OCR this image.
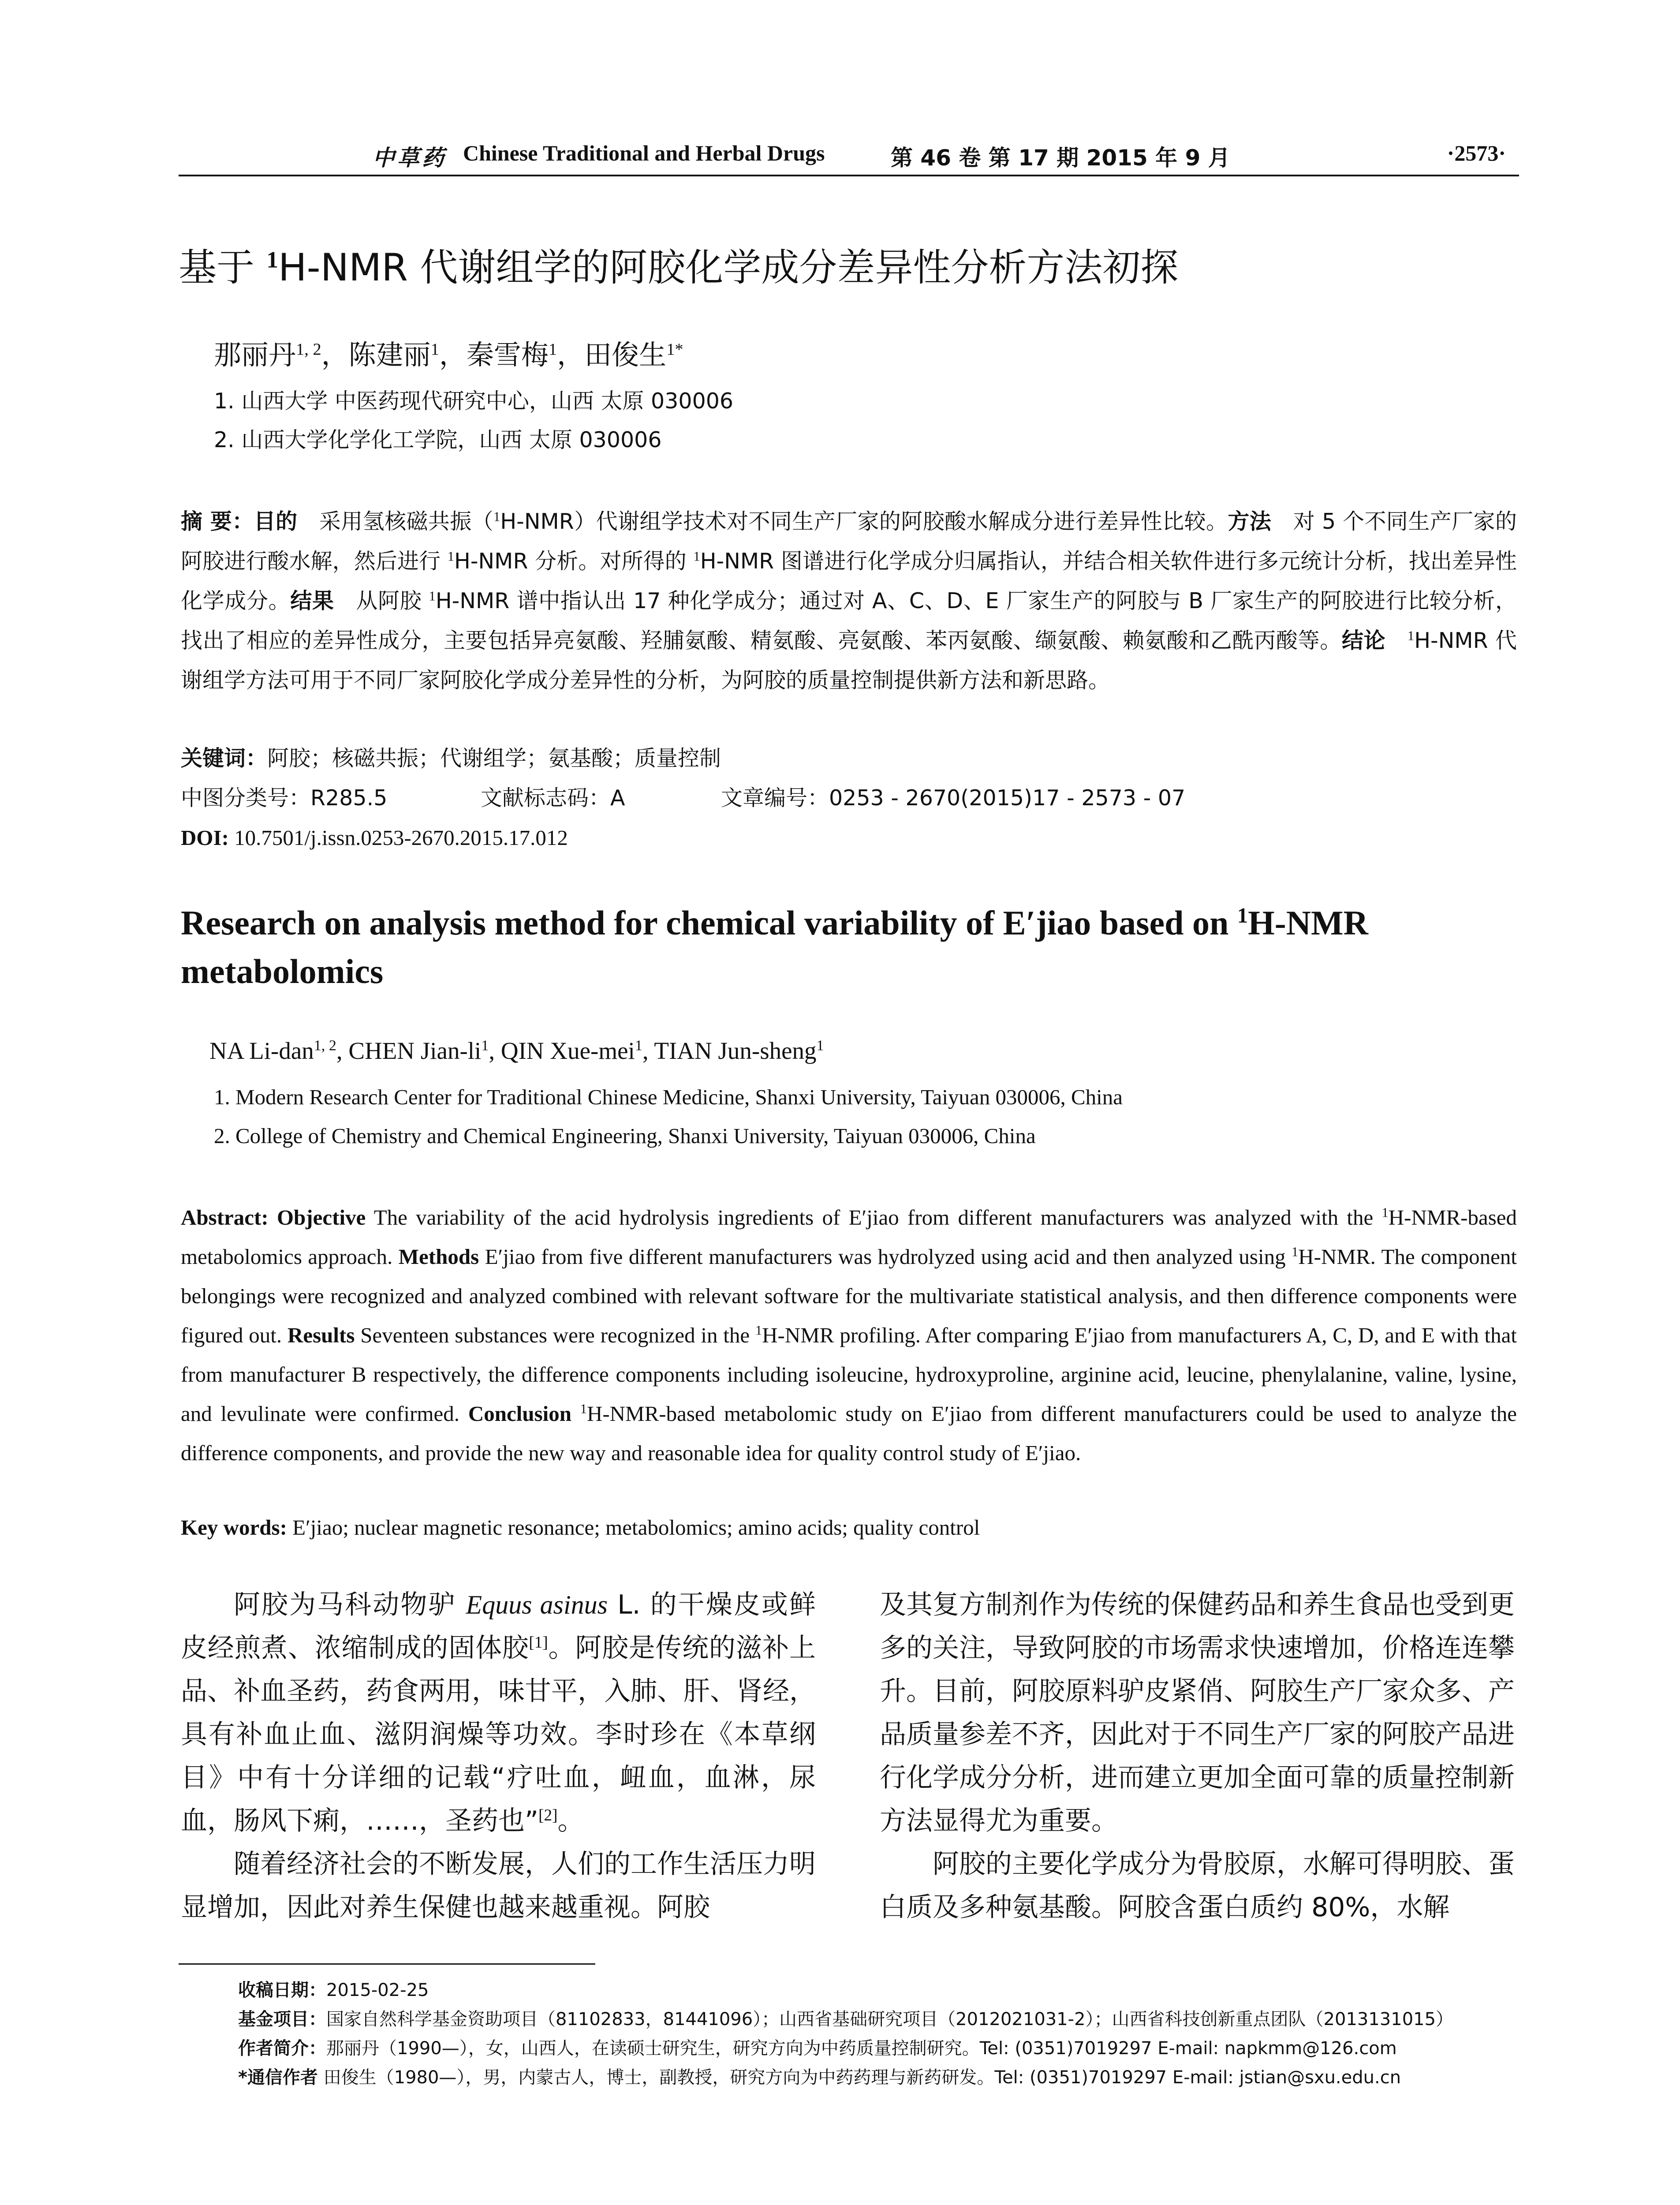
中草药 Chinese Traditional and Herbal Drugs	第 46 卷 第 17 期 2015 年 9 月	·2573·
基于 $^1$H-NMR 代谢组学的阿胶化学成分差异性分析方法初探
那丽丹$^{1, 2}$，陈建丽$^1$，秦雪梅$^1$，田俊生$^{1*}$
1. 山西大学 中医药现代研究中心，山西 太原 030006
2. 山西大学化学化工学院，山西 太原 030006
摘 要：目的　 采用氢核磁共振（$^1$H-NMR）代谢组学技术对不同生产厂家的阿胶酸水解成分进行差异性比较。方法　 对 5 个不同生产厂家的阿胶进行酸水解，然后进行 $^1$H-NMR 分析。对所得的 $^1$H-NMR 图谱进行化学成分归属指认，并结合相关软件进行多元统计分析，找出差异性化学成分。结果　 从阿胶 $^1$H-NMR 谱中指认出 17 种化学成分；通过对 A、C、D、E 厂家生产的阿胶与 B 厂家生产的阿胶进行比较分析，找出了相应的差异性成分，主要包括异亮氨酸、羟脯氨酸、精氨酸、亮氨酸、苯丙氨酸、缬氨酸、赖氨酸和乙酰丙酸等。结论　 $^1$H-NMR 代谢组学方法可用于不同厂家阿胶化学成分差异性的分析，为阿胶的质量控制提供新方法和新思路。
关键词：阿胶；核磁共振；代谢组学；氨基酸；质量控制
中图分类号：R285.5	文献标志码：A	文章编号：0253 - 2670(2015)17 - 2573 - 07
DOI: 10.7501/j.issn.0253-2670.2015.17.012
Research on analysis method for chemical variability of E′jiao based on $^1$H-NMR metabolomics
NA Li-dan$^{1, 2}$, CHEN Jian-$li^1$, QIN Xue-mei$^1$, TIAN Jun-sheng$^1$
1. Modern Research Center for Traditional Chinese Medicine, Shanxi University, Taiyuan 030006, China
2. College of Chemistry and Chemical Engineering, Shanxi University, Taiyuan 030006, China
Abstract: Objective The variability of the acid hydrolysis ingredients of E′jiao from different manufacturers was analyzed with the $^1$H-NMR-based metabolomics approach. Methods E′jiao from five different manufacturers was hydrolyzed using acid and then analyzed using $^1$H-NMR. The component belongings were recognized and analyzed combined with relevant software for the multivariate statistical analysis, and then difference components were figured out. Results Seventeen substances were recognized in the $^1$H-NMR profiling. After comparing E′jiao from manufacturers A, C, D, and E with that from manufacturer B respectively, the difference components including isoleucine, hydroxyproline, arginine acid, leucine, phenylalanine, valine, lysine, and levulinate were confirmed. Conclusion $^1$H-NMR-based metabolomic study on E′jiao from different manufacturers could be used to analyze the difference components, and provide the new way and reasonable idea for quality control study of E′jiao.
Key words: E′jiao; nuclear magnetic resonance; metabolomics; amino acids; quality control

阿胶为马科动物驴 Equus asinus L. 的干燥皮或鲜皮经煎煮、浓缩制成的固体胶[1]。阿胶是传统的滋补上品、补血圣药，药食两用，味甘平，入肺、肝、肾经，具有补血止血、滋阴润燥等功效。李时珍在《本草纲目》中有十分详细的记载“疗吐血，衄血，血淋，尿血，肠风下痢，……，圣药也”[2]。

随着经济社会的不断发展，人们的工作生活压力明显增加，因此对养生保健也越来越重视。阿胶

及其复方制剂作为传统的保健药品和养生食品也受到更多的关注，导致阿胶的市场需求快速增加，价格连连攀升。目前，阿胶原料驴皮紧俏、阿胶生产厂家众多、产品质量参差不齐，因此对于不同生产厂家的阿胶产品进行化学成分分析，进而建立更加全面可靠的质量控制新方法显得尤为重要。

阿胶的主要化学成分为骨胶原，水解可得明胶、蛋白质及多种氨基酸。阿胶含蛋白质约 80%，水解

收稿日期：2015-02-25
基金项目：国家自然科学基金资助项目（81102833，81441096）；山西省基础研究项目（2012021031-2）；山西省科技创新重点团队（2013131015）
作者简介：那丽丹（1990—），女，山西人，在读硕士研究生，研究方向为中药质量控制研究。Tel: (0351)7019297 E-mail: napkmm@126.com
*通信作者 田俊生（1980—），男，内蒙古人，博士，副教授，研究方向为中药药理与新药研发。Tel: (0351)7019297 E-mail: jstian@sxu.edu.cn
